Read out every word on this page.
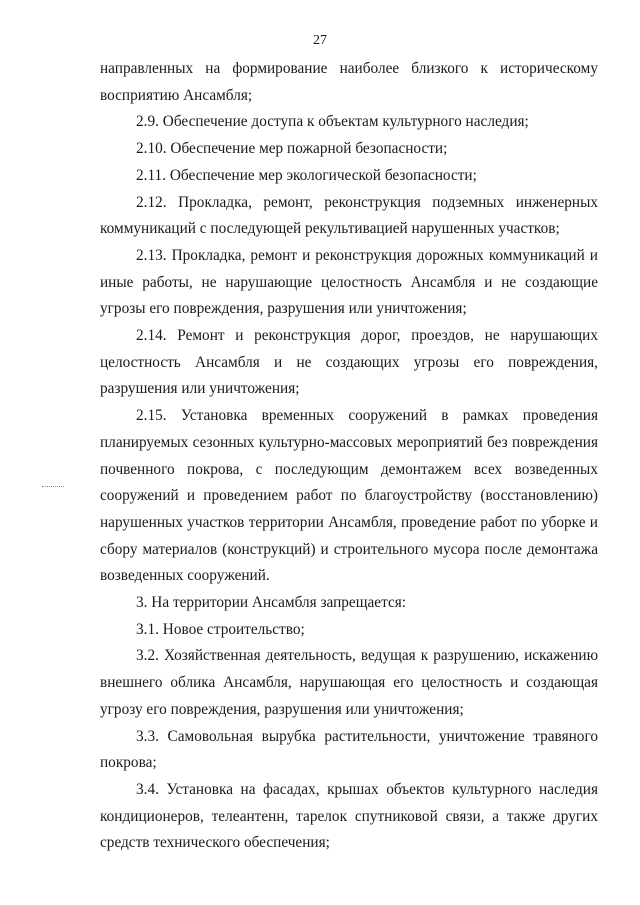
27

направленных на формирование наиболее близкого к историческому восприятию Ансамбля;

2.9. Обеспечение доступа к объектам культурного наследия;

2.10. Обеспечение мер пожарной безопасности;

2.11. Обеспечение мер экологической безопасности;

2.12. Прокладка, ремонт, реконструкция подземных инженерных коммуникаций с последующей рекультивацией нарушенных участков;

2.13. Прокладка, ремонт и реконструкция дорожных коммуникаций и иные работы, не нарушающие целостность Ансамбля и не создающие угрозы его повреждения, разрушения или уничтожения;

2.14. Ремонт и реконструкция дорог, проездов, не нарушающих целостность Ансамбля и не создающих угрозы его повреждения, разрушения или уничтожения;

2.15. Установка временных сооружений в рамках проведения планируемых сезонных культурно-массовых мероприятий без повреждения почвенного покрова, с последующим демонтажем всех возведенных сооружений и проведением работ по благоустройству (восстановлению) нарушенных участков территории Ансамбля, проведение работ по уборке и сбору материалов (конструкций) и строительного мусора после демонтажа возведенных сооружений.

3. На территории Ансамбля запрещается:

3.1. Новое строительство;

3.2. Хозяйственная деятельность, ведущая к разрушению, искажению внешнего облика Ансамбля, нарушающая его целостность и создающая угрозу его повреждения, разрушения или уничтожения;

3.3. Самовольная вырубка растительности, уничтожение травяного покрова;

3.4. Установка на фасадах, крышах объектов культурного наследия кондиционеров, телеантенн, тарелок спутниковой связи, а также других средств технического обеспечения;
